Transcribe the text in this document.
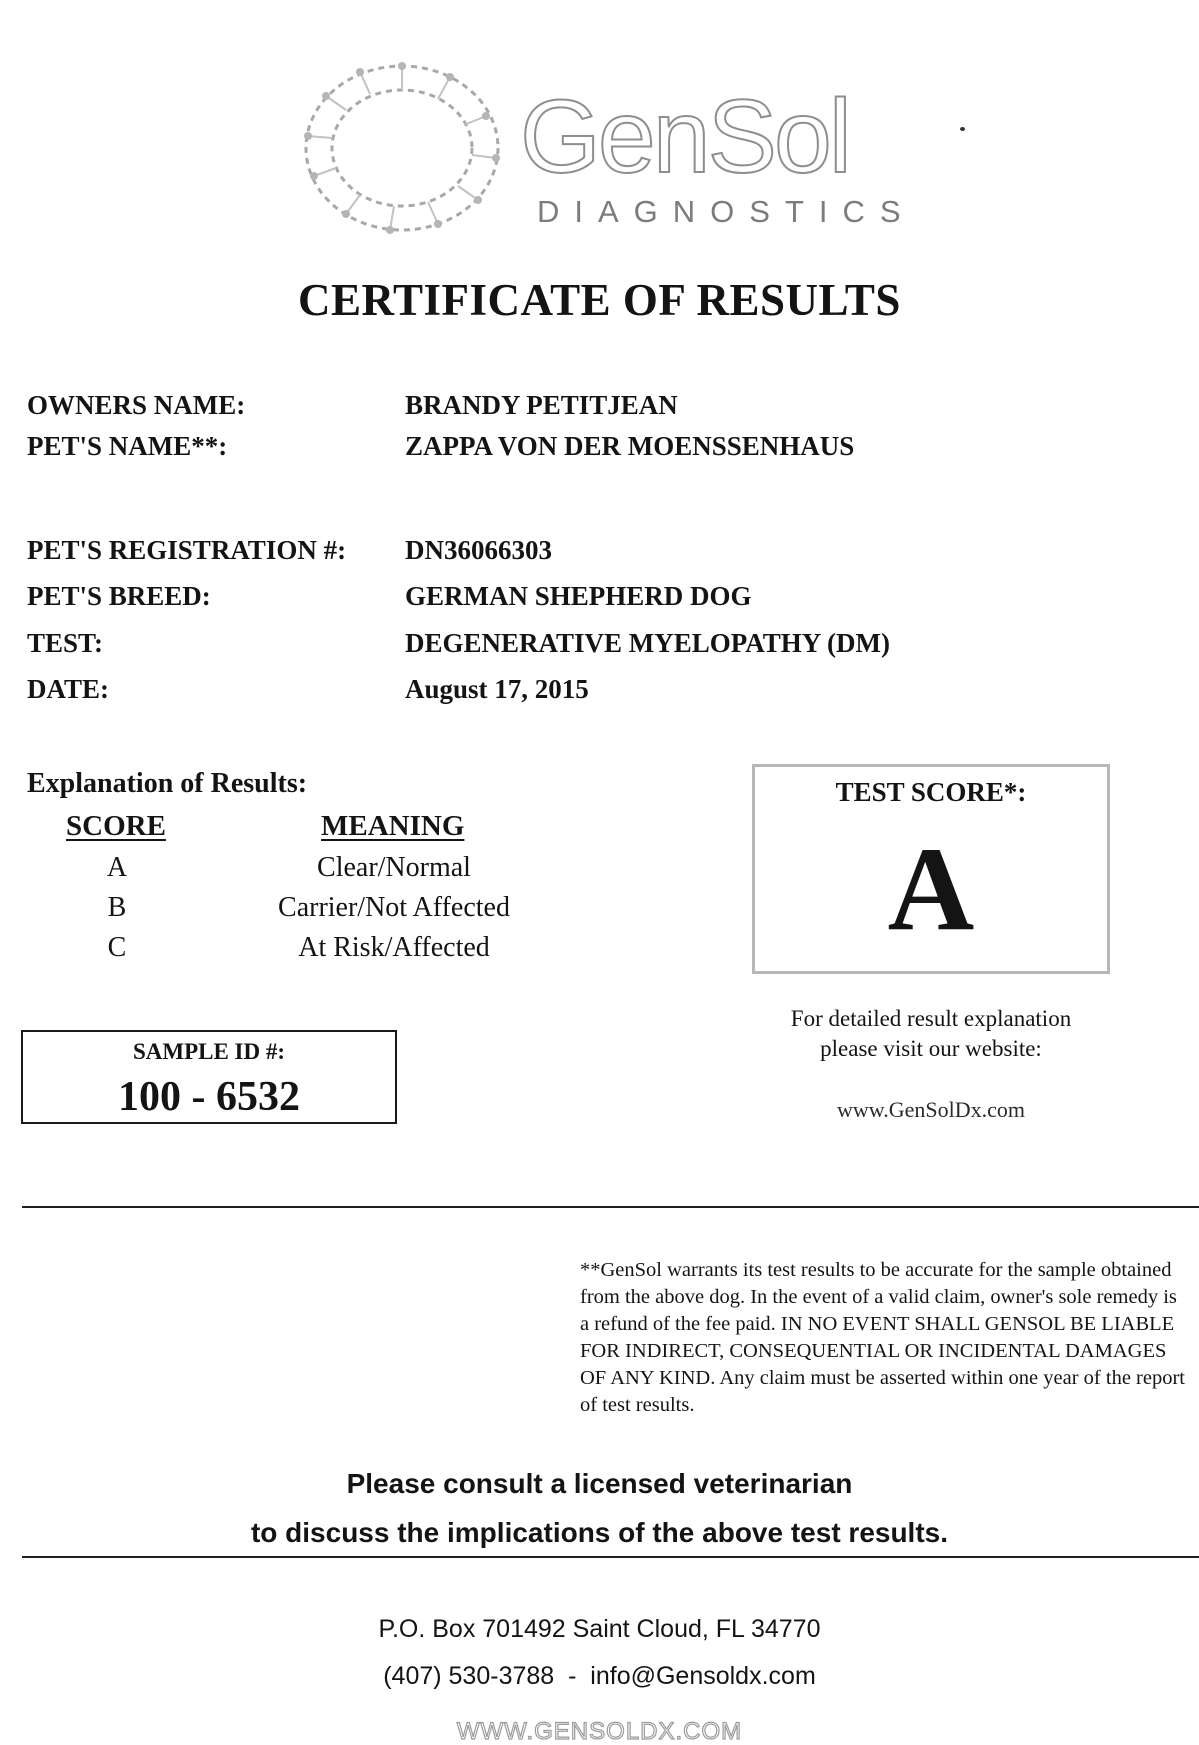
GenSol
DIAGNOSTICS
CERTIFICATE OF RESULTS
OWNERS NAME:	BRANDY PETITJEAN
PET'S NAME**:	ZAPPA VON DER MOENSSENHAUS
PET'S REGISTRATION #: DN36066303
PET'S BREED:	GERMAN SHEPHERD DOG
TEST:	DEGENERATIVE MYELOPATHY (DM)
DATE:	August 17, 2015
Explanation of Results:
SCORE	MEANING
A	Clear/Normal
B	Carrier/Not Affected
C	At Risk/Affected
TEST SCORE*:
A
For detailed result explanation
please visit our website:
www.GenSolDx.com
SAMPLE ID #:
100 - 6532
**GenSol warrants its test results to be accurate for the sample obtained from the above dog. In the event of a valid claim, owner's sole remedy is a refund of the fee paid. IN NO EVENT SHALL GENSOL BE LIABLE FOR INDIRECT, CONSEQUENTIAL OR INCIDENTAL DAMAGES OF ANY KIND. Any claim must be asserted within one year of the report of test results.
Please consult a licensed veterinarian
to discuss the implications of the above test results.
P.O. Box 701492 Saint Cloud, FL 34770
(407) 530-3788  -  info@Gensoldx.com
WWW.GENSOLDX.COM
